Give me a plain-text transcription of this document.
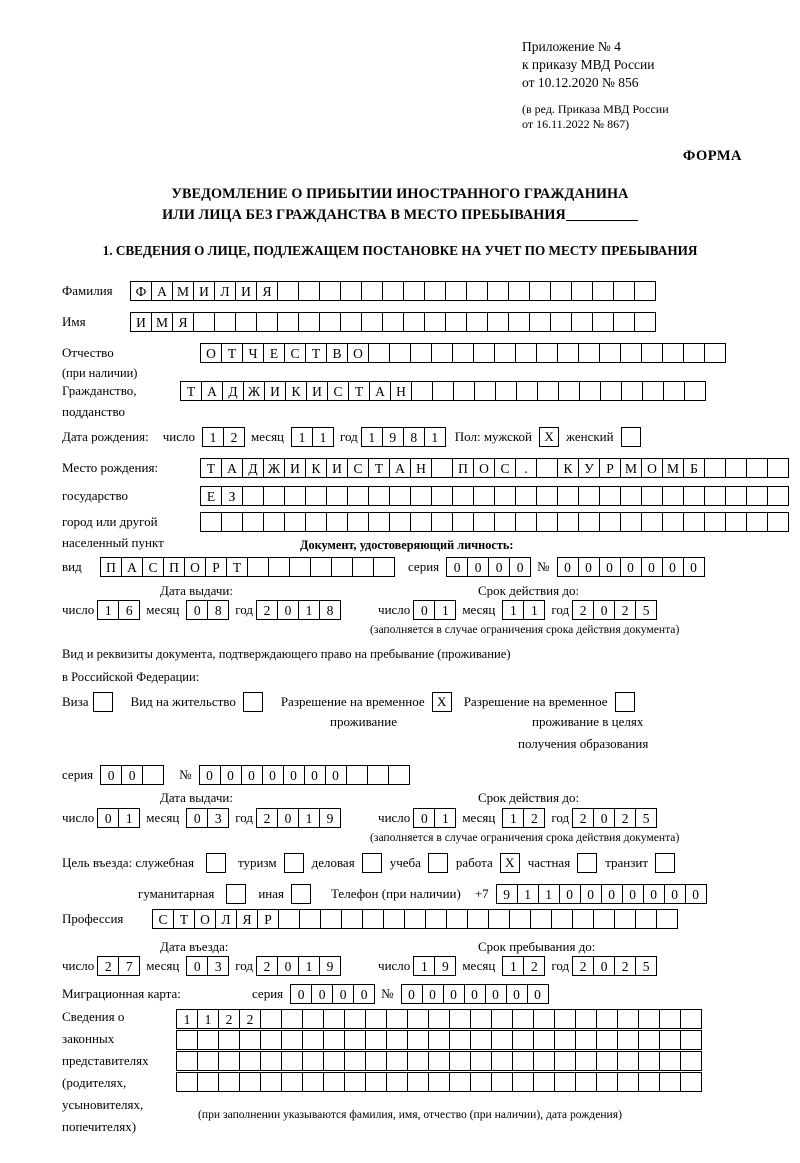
Приложение № 4
к приказу МВД России
от 10.12.2020 № 856
(в ред. Приказа МВД России
от 16.11.2022 № 867)
ФОРМА
УВЕДОМЛЕНИЕ О ПРИБЫТИИ ИНОСТРАННОГО ГРАЖДАНИНА
ИЛИ ЛИЦА БЕЗ ГРАЖДАНСТВА В МЕСТО ПРЕБЫВАНИЯ
1. СВЕДЕНИЯ О ЛИЦЕ, ПОДЛЕЖАЩЕМ ПОСТАНОВКЕ НА УЧЕТ ПО МЕСТУ ПРЕБЫВАНИЯ
Фамилия	Ф А М И Л И Я
Имя	И М Я
Отчество	О Т Ч Е С Т В О
(при наличии)
Гражданство,	Т А Д Ж И К И С Т А Н
подданство
Дата рождения: число	1	2	месяц	1	1	год 1	9	8	1	Пол: мужской X женский
Место рождения:	Т А Д Ж И К И С Т А Н	П О С	.	К У Р М О М Б
государство	Е З
город или другой
населенный пункт	Документ, удостоверяющий личность:
вид	П А С П О Р Т	серия	0	0	0	0	№	0	0	0	0	0	0	0
Дата выдачи:	Срок действия до:
число 1	6	месяц	0	8	год 2	0	1	8	число 0	1	месяц	1	1	год 2	0	2	5
(заполняется в случае ограничения срока действия документа)
Вид и реквизиты документа, подтверждающего право на пребывание (проживание)
в Российской Федерации:
Виза	Вид на жительство	Разрешение на временное X	Разрешение на временное
проживание	проживание в целях
получения образования
серия	0	0	№	0	0	0	0	0	0	0
Дата выдачи:	Срок действия до:
число 0	1	месяц	0	3	год 2	0	1	9	число 0	1	месяц	1	2	год 2	0	2	5
(заполняется в случае ограничения срока действия документа)
Цель въезда: служебная	туризм	деловая	учеба	работа X	частная	транзит
гуманитарная	иная	Телефон (при наличии) +7	9	1	1	0	0	0	0	0	0	0
Профессия	С Т О Л Я Р
Дата въезда:	Срок пребывания до:
число 2	7	месяц	0	3	год 2	0	1	9	число 1	9	месяц	1	2	год 2	0	2	5
Миграционная карта:	серия	0	0	0	0	№	0	0	0	0	0	0	0
Сведения о
законных
представителях
(родителях,
усыновителях,
попечителях)
1	1	2	2
(при заполнении указываются фамилия, имя, отчество (при наличии), дата рождения)
